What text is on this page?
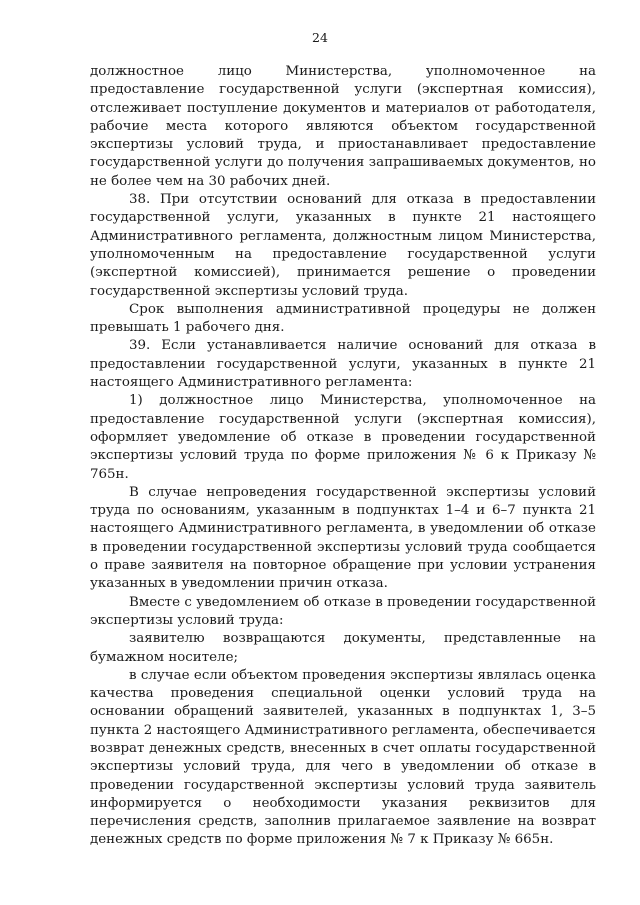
24

должностное лицо Министерства, уполномоченное на предоставление государственной услуги (экспертная комиссия), отслеживает поступление документов и материалов от работодателя, рабочие места которого являются объектом государственной экспертизы условий труда, и приостанавливает предоставление государственной услуги до получения запрашиваемых документов, но не более чем на 30 рабочих дней.

38. При отсутствии оснований для отказа в предоставлении государственной услуги, указанных в пункте 21 настоящего Административного регламента, должностным лицом Министерства, уполномоченным на предоставление государственной услуги (экспертной комиссией), принимается решение о проведении государственной экспертизы условий труда.

Срок выполнения административной процедуры не должен превышать 1 рабочего дня.

39. Если устанавливается наличие оснований для отказа в предоставлении государственной услуги, указанных в пункте 21 настоящего Административного регламента:

1) должностное лицо Министерства, уполномоченное на предоставление государственной услуги (экспертная комиссия), оформляет уведомление об отказе в проведении государственной экспертизы условий труда по форме приложения № 6 к Приказу № 765н.

В случае непроведения государственной экспертизы условий труда по основаниям, указанным в подпунктах 1–4 и 6–7 пункта 21 настоящего Административного регламента, в уведомлении об отказе в проведении государственной экспертизы условий труда сообщается о праве заявителя на повторное обращение при условии устранения указанных в уведомлении причин отказа.

Вместе с уведомлением об отказе в проведении государственной экспертизы условий труда:

заявителю возвращаются документы, представленные на бумажном носителе;

в случае если объектом проведения экспертизы являлась оценка качества проведения специальной оценки условий труда на основании обращений заявителей, указанных в подпунктах 1, 3–5 пункта 2 настоящего Административного регламента, обеспечивается возврат денежных средств, внесенных в счет оплаты государственной экспертизы условий труда, для чего в уведомлении об отказе в проведении государственной экспертизы условий труда заявитель информируется о необходимости указания реквизитов для перечисления средств, заполнив прилагаемое заявление на возврат денежных средств по форме приложения № 7 к Приказу № 665н.
